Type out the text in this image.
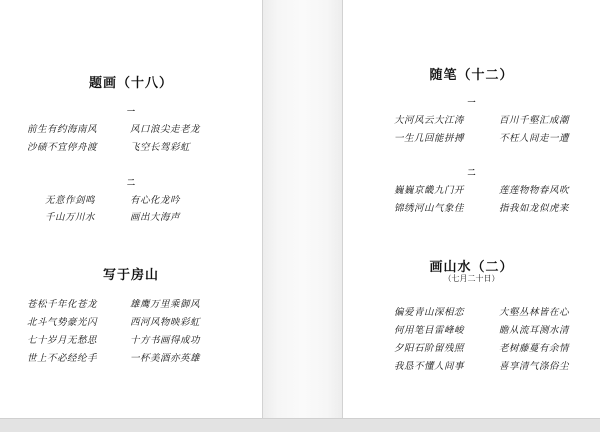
题画（十八）
一
前生有约海南风	风口浪尖走老龙
沙碛不宜停舟渡	飞空长驾彩虹
二
无意作剑鸣	有心化龙吟
千山万川水	画出大海声
写于房山
苍松千年化苍龙	雄鹰万里乘御风
北斗气势豪光闪	西河风物映彩虹
七十岁月无愁思	十方书画得成功
世上不必经纶手	一杯美酒亦英雄
随笔（十二）
一
大河风云大江涛	百川千壑汇成潮
一生几回能拼搏	不枉人间走一遭
二
巍巍京畿九门开	莲莲物物春风吹
锦绣河山气象佳	指我如龙似虎来
画山水（二）
（七月二十日）
偏爱青山深相恋	大壑丛林皆在心
何用笔目雷峰峻	瞻从流耳测水清
夕阳石阶留残照	老树藤蔓有余情
我恳不懂人间事	喜享清气涤俗尘
